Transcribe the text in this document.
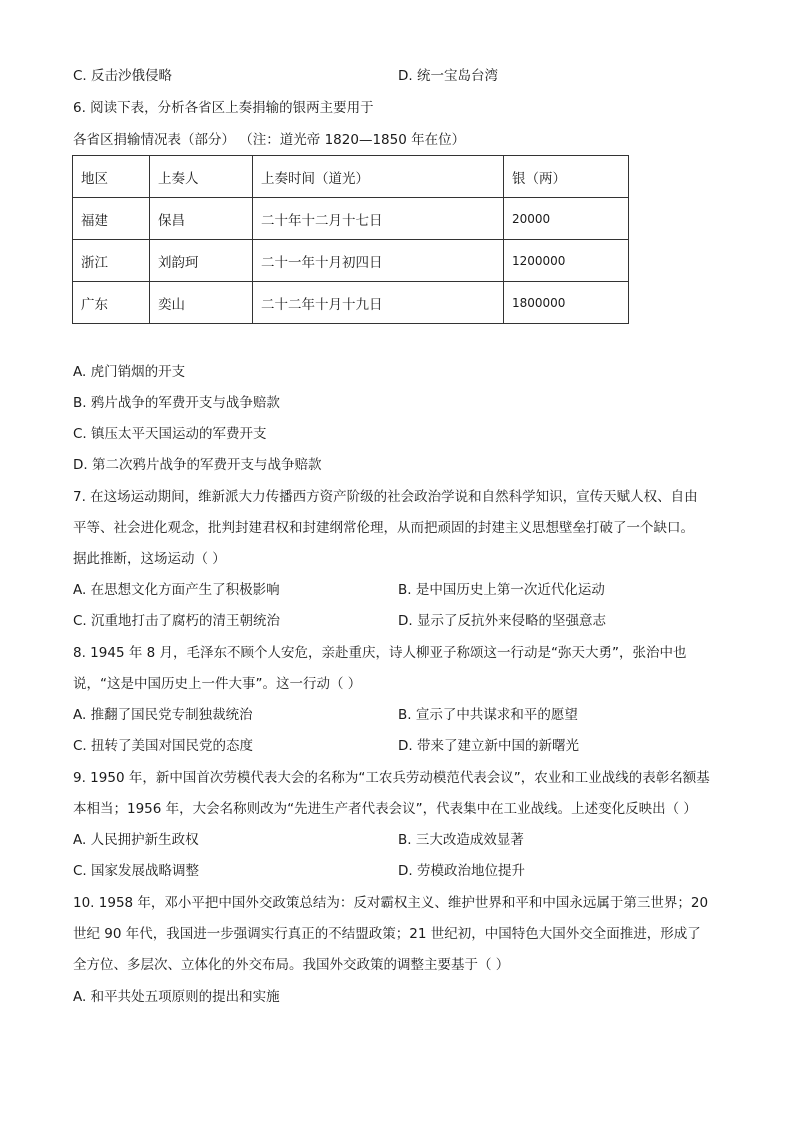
C. 反击沙俄侵略	D. 统一宝岛台湾
6. 阅读下表，分析各省区上奏捐输的银两主要用于
各省区捐输情况表（部分） （注：道光帝 1820—1850 年在位）
地区	上奏人	上奏时间（道光）	银（两）
福建	保昌	二十年十二月十七日	20000
浙江	刘韵珂	二十一年十月初四日	1200000
广东	奕山	二十二年十月十九日	1800000
A. 虎门销烟的开支
B. 鸦片战争的军费开支与战争赔款
C. 镇压太平天国运动的军费开支
D. 第二次鸦片战争的军费开支与战争赔款
7. 在这场运动期间，维新派大力传播西方资产阶级的社会政治学说和自然科学知识，宣传天赋人权、自由
平等、社会进化观念，批判封建君权和封建纲常伦理，从而把顽固的封建主义思想壁垒打破了一个缺口。
据此推断，这场运动（ ）
A. 在思想文化方面产生了积极影响	B. 是中国历史上第一次近代化运动
C. 沉重地打击了腐朽的清王朝统治	D. 显示了反抗外来侵略的坚强意志
8. 1945 年 8 月，毛泽东不顾个人安危，亲赴重庆，诗人柳亚子称颂这一行动是“弥天大勇”，张治中也
说，“这是中国历史上一件大事”。这一行动（ ）
A. 推翻了国民党专制独裁统治	B. 宣示了中共谋求和平的愿望
C. 扭转了美国对国民党的态度	D. 带来了建立新中国的新曙光
9. 1950 年，新中国首次劳模代表大会的名称为“工农兵劳动模范代表会议”，农业和工业战线的表彰名额基
本相当；1956 年，大会名称则改为“先进生产者代表会议”，代表集中在工业战线。上述变化反映出（ ）
A. 人民拥护新生政权	B. 三大改造成效显著
C. 国家发展战略调整	D. 劳模政治地位提升
10. 1958 年，邓小平把中国外交政策总结为：反对霸权主义、维护世界和平和中国永远属于第三世界；20
世纪 90 年代，我国进一步强调实行真正的不结盟政策；21 世纪初，中国特色大国外交全面推进，形成了
全方位、多层次、立体化的外交布局。我国外交政策的调整主要基于（ ）
A. 和平共处五项原则的提出和实施
